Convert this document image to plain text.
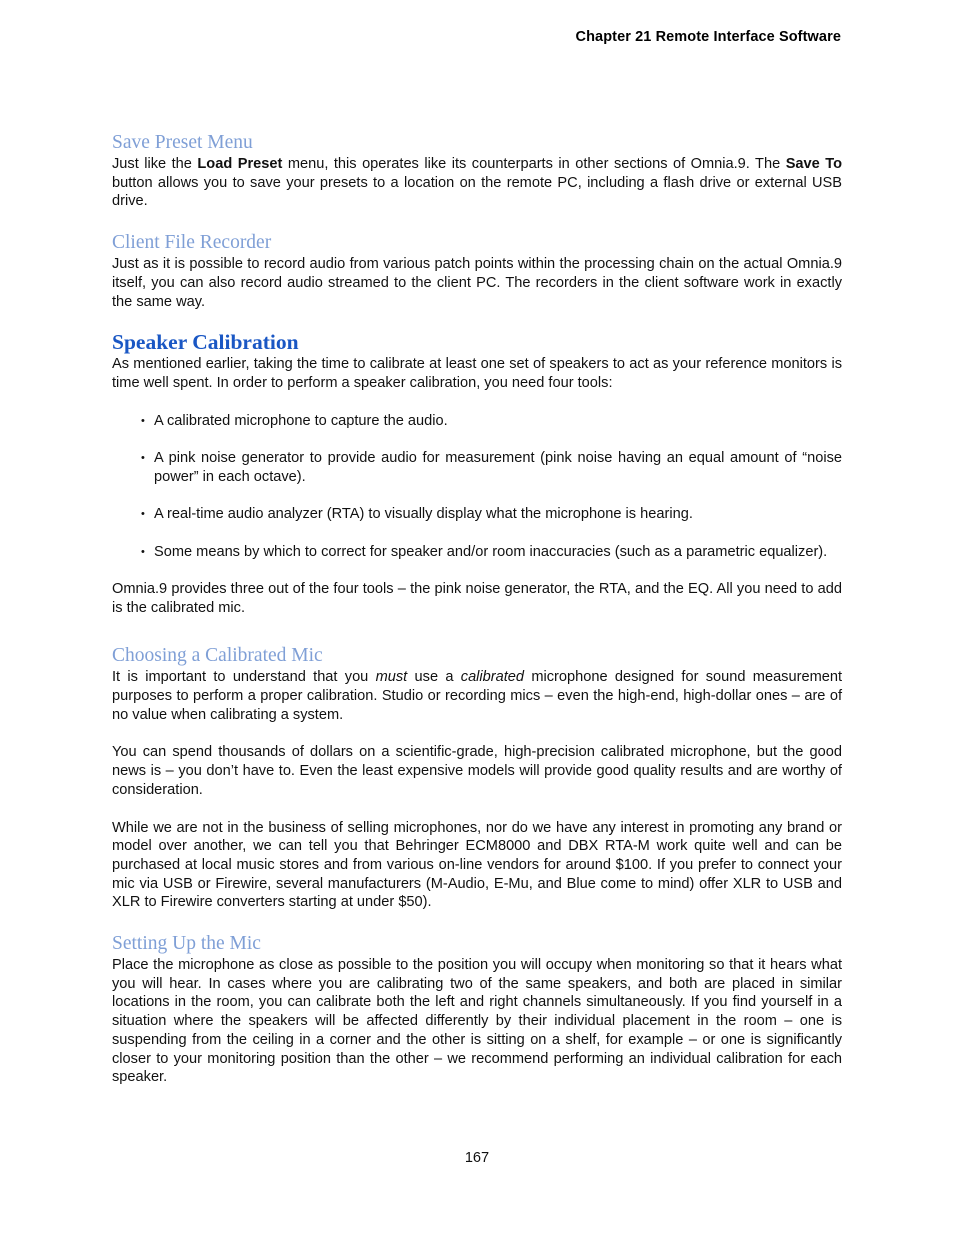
Chapter 21 Remote Interface Software
Save Preset Menu

Just like the Load Preset menu, this operates like its counterparts in other sections of Omnia.9. The Save To button allows you to save your presets to a location on the remote PC, including a flash drive or external USB drive.

Client File Recorder

Just as it is possible to record audio from various patch points within the processing chain on the actual Omnia.9 itself, you can also record audio streamed to the client PC. The recorders in the client software work in exactly the same way.

Speaker Calibration

As mentioned earlier, taking the time to calibrate at least one set of speakers to act as your reference monitors is time well spent. In order to perform a speaker calibration, you need four tools:

• A calibrated microphone to capture the audio.
• A pink noise generator to provide audio for measurement (pink noise having an equal amount of “noise power” in each octave).
• A real-time audio analyzer (RTA) to visually display what the microphone is hearing.
• Some means by which to correct for speaker and/or room inaccuracies (such as a parametric equalizer).

Omnia.9 provides three out of the four tools – the pink noise generator, the RTA, and the EQ. All you need to add is the calibrated mic.

Choosing a Calibrated Mic

It is important to understand that you must use a calibrated microphone designed for sound measurement purposes to perform a proper calibration. Studio or recording mics – even the high-end, high-dollar ones – are of no value when calibrating a system.

You can spend thousands of dollars on a scientific-grade, high-precision calibrated microphone, but the good news is – you don’t have to. Even the least expensive models will provide good quality results and are worthy of consideration.

While we are not in the business of selling microphones, nor do we have any interest in promoting any brand or model over another, we can tell you that Behringer ECM8000 and DBX RTA-M work quite well and can be purchased at local music stores and from various on-line vendors for around $100. If you prefer to connect your mic via USB or Firewire, several manufacturers (M-Audio, E-Mu, and Blue come to mind) offer XLR to USB and XLR to Firewire converters starting at under $50).

Setting Up the Mic

Place the microphone as close as possible to the position you will occupy when monitoring so that it hears what you will hear. In cases where you are calibrating two of the same speakers, and both are placed in similar locations in the room, you can calibrate both the left and right channels simultaneously. If you find yourself in a situation where the speakers will be affected differently by their individual placement in the room – one is suspending from the ceiling in a corner and the other is sitting on a shelf, for example – or one is significantly closer to your monitoring position than the other – we recommend performing an individual calibration for each speaker.

167
